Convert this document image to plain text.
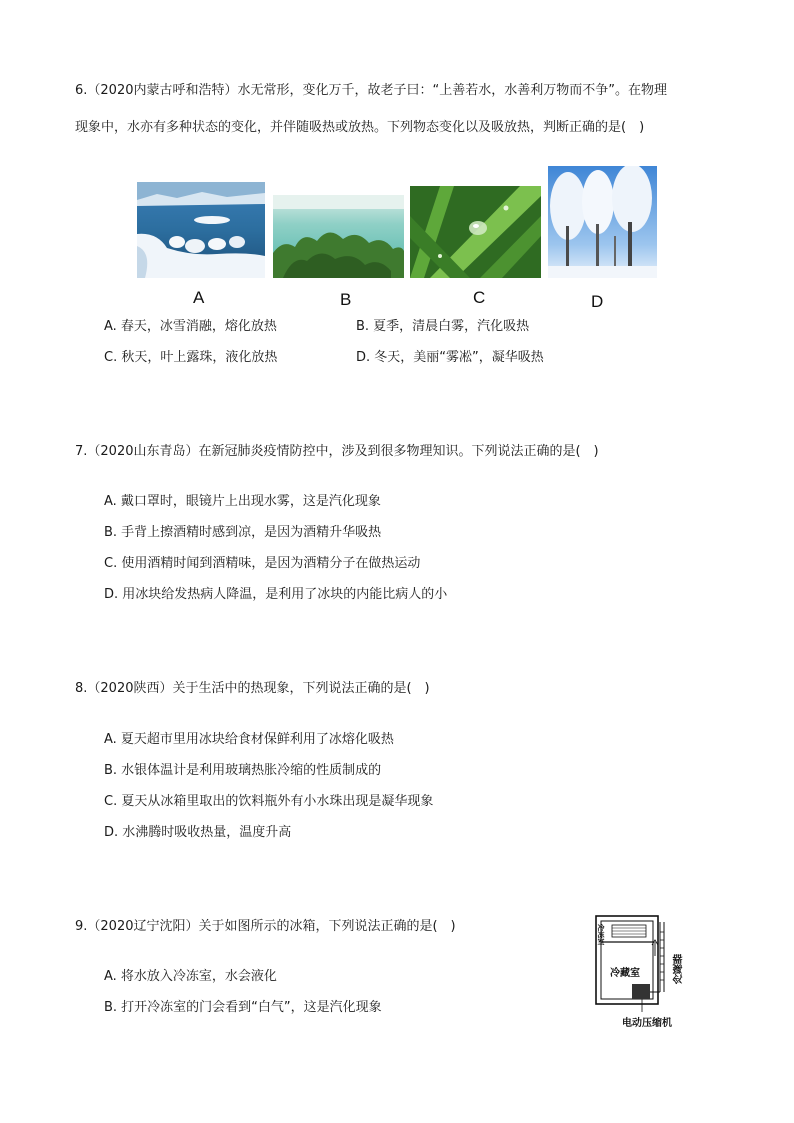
6.（2020内蒙古呼和浩特）水无常形，变化万千，故老子曰：“上善若水，水善利万物而不争”。在物理
现象中，水亦有多种状态的变化，并伴随吸热或放热。下列物态变化以及吸放热，判断正确的是(　)
A	B	C	D
A. 春天，冰雪消融，熔化放热	B. 夏季，清晨白雾，汽化吸热
C. 秋天，叶上露珠，液化放热	D. 冬天，美丽“雾凇”，凝华吸热
7.（2020山东青岛）在新冠肺炎疫情防控中，涉及到很多物理知识。下列说法正确的是(　)
A. 戴口罩时，眼镜片上出现水雾，这是汽化现象
B. 手背上擦酒精时感到凉，是因为酒精升华吸热
C. 使用酒精时闻到酒精味，是因为酒精分子在做热运动
D. 用冰块给发热病人降温，是利用了冰块的内能比病人的小
8.（2020陕西）关于生活中的热现象，下列说法正确的是(　)
A. 夏天超市里用冰块给食材保鲜利用了冰熔化吸热
B. 水银体温计是利用玻璃热胀冷缩的性质制成的
C. 夏天从冰箱里取出的饮料瓶外有小水珠出现是凝华现象
D. 水沸腾时吸收热量，温度升高
9.（2020辽宁沈阳）关于如图所示的冰箱，下列说法正确的是(　)
A. 将水放入冷冻室，水会液化
B. 打开冷冻室的门会看到“白气”，这是汽化现象
冷冻室
冷藏室	冷凝器
电动压缩机
